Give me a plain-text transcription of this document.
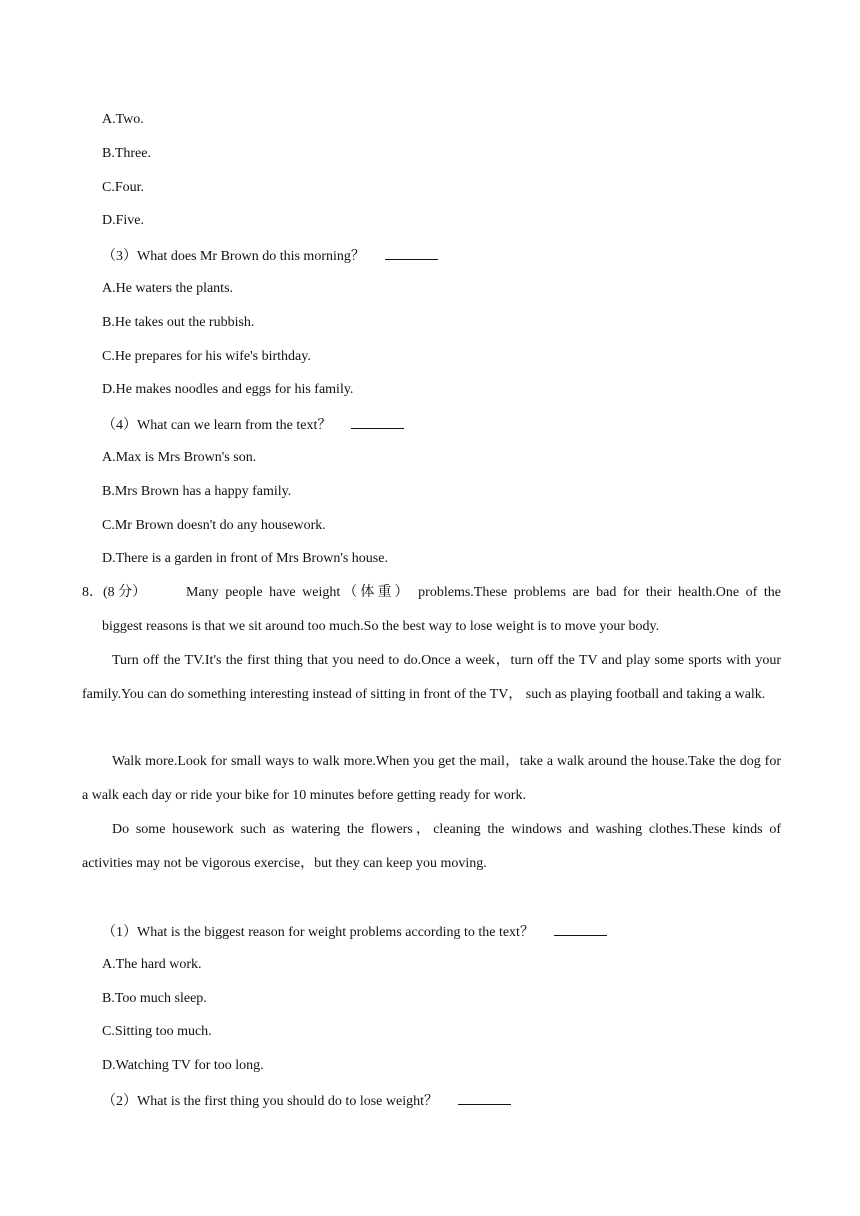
A.Two.
B.Three.
C.Four.
D.Five.
（3）What does Mr Brown do this morning？
A.He waters the plants.
B.He takes out the rubbish.
C.He prepares for his wife's birthday.
D.He makes noodles and eggs for his family.
（4）What can we learn from the text？
A.Max is Mrs Brown's son.
B.Mrs Brown has a happy family.
C.Mr Brown doesn't do any housework.
D.There is a garden in front of Mrs Brown's house.
8．(8 分）	Many people have weight（体重） problems.These problems are bad for their health.One of the
biggest reasons is that we sit around too much.So the best way to lose weight is to move your body.
Turn off the TV.It's the first thing that you need to do.Once a week，turn off the TV and play some sports with your family.You can do something interesting instead of sitting in front of the TV， such as playing football and taking a walk.
Walk more.Look for small ways to walk more.When you get the mail，take a walk around the house.Take the dog for a walk each day or ride your bike for 10 minutes before getting ready for work.
Do some housework such as watering the flowers，cleaning the windows and washing clothes.These kinds of activities may not be vigorous exercise，but they can keep you moving.
（1）What is the biggest reason for weight problems according to the text？
A.The hard work.
B.Too much sleep.
C.Sitting too much.
D.Watching TV for too long.
（2）What is the first thing you should do to lose weight？
